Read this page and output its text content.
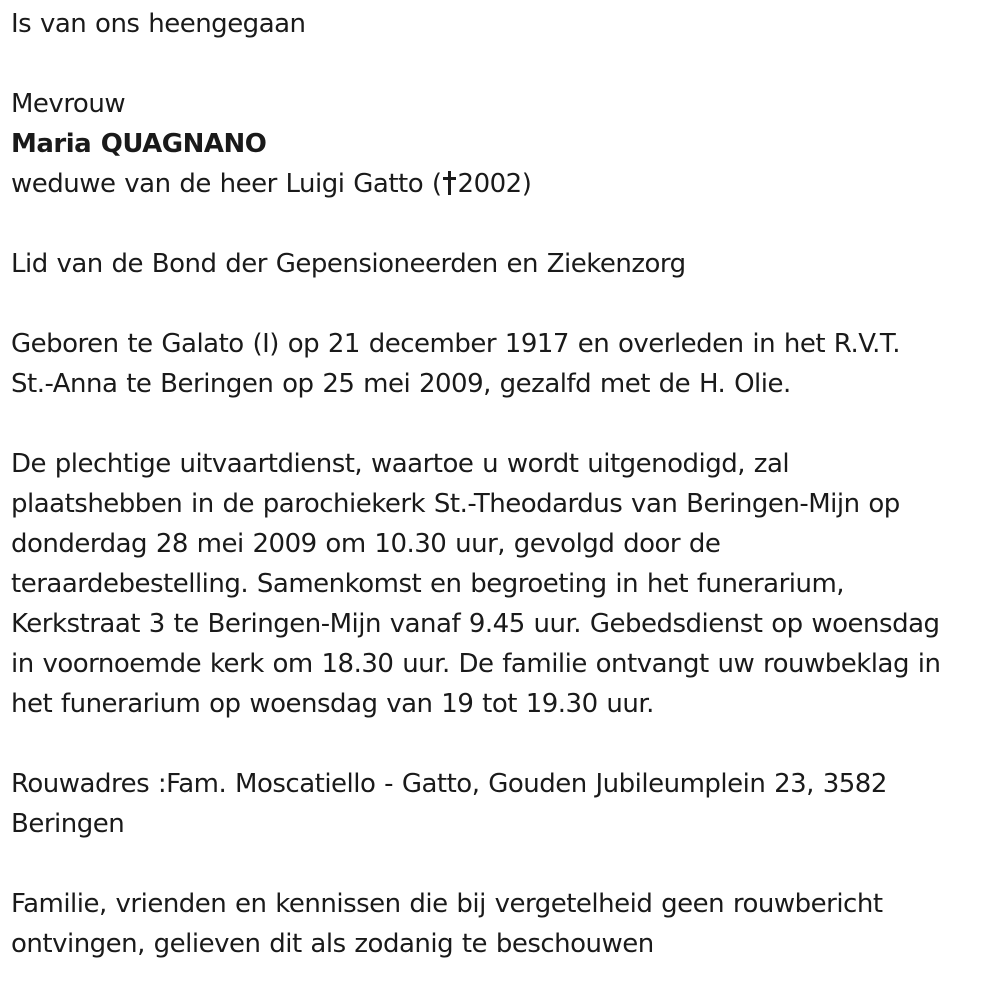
Is van ons heengegaan
Mevrouw
Maria QUAGNANO
weduwe van de heer Luigi Gatto ( 2002)
Lid van de Bond der Gepensioneerden en Ziekenzorg
Geboren te Galato (I) op 21 december 1917 en overleden in het R.V.T.
St.-Anna te Beringen op 25 mei 2009, gezalfd met de H. Olie.
De plechtige uitvaartdienst, waartoe u wordt uitgenodigd, zal
plaatshebben in de parochiekerk St.-Theodardus van Beringen-Mijn op
donderdag 28 mei 2009 om 10.30 uur, gevolgd door de
teraardebestelling. Samenkomst en begroeting in het funerarium,
Kerkstraat 3 te Beringen-Mijn vanaf 9.45 uur. Gebedsdienst op woensdag
in voornoemde kerk om 18.30 uur. De familie ontvangt uw rouwbeklag in
het funerarium op woensdag van 19 tot 19.30 uur.
Rouwadres :Fam. Moscatiello - Gatto, Gouden Jubileumplein 23, 3582
Beringen
Familie, vrienden en kennissen die bij vergetelheid geen rouwbericht
ontvingen, gelieven dit als zodanig te beschouwen
